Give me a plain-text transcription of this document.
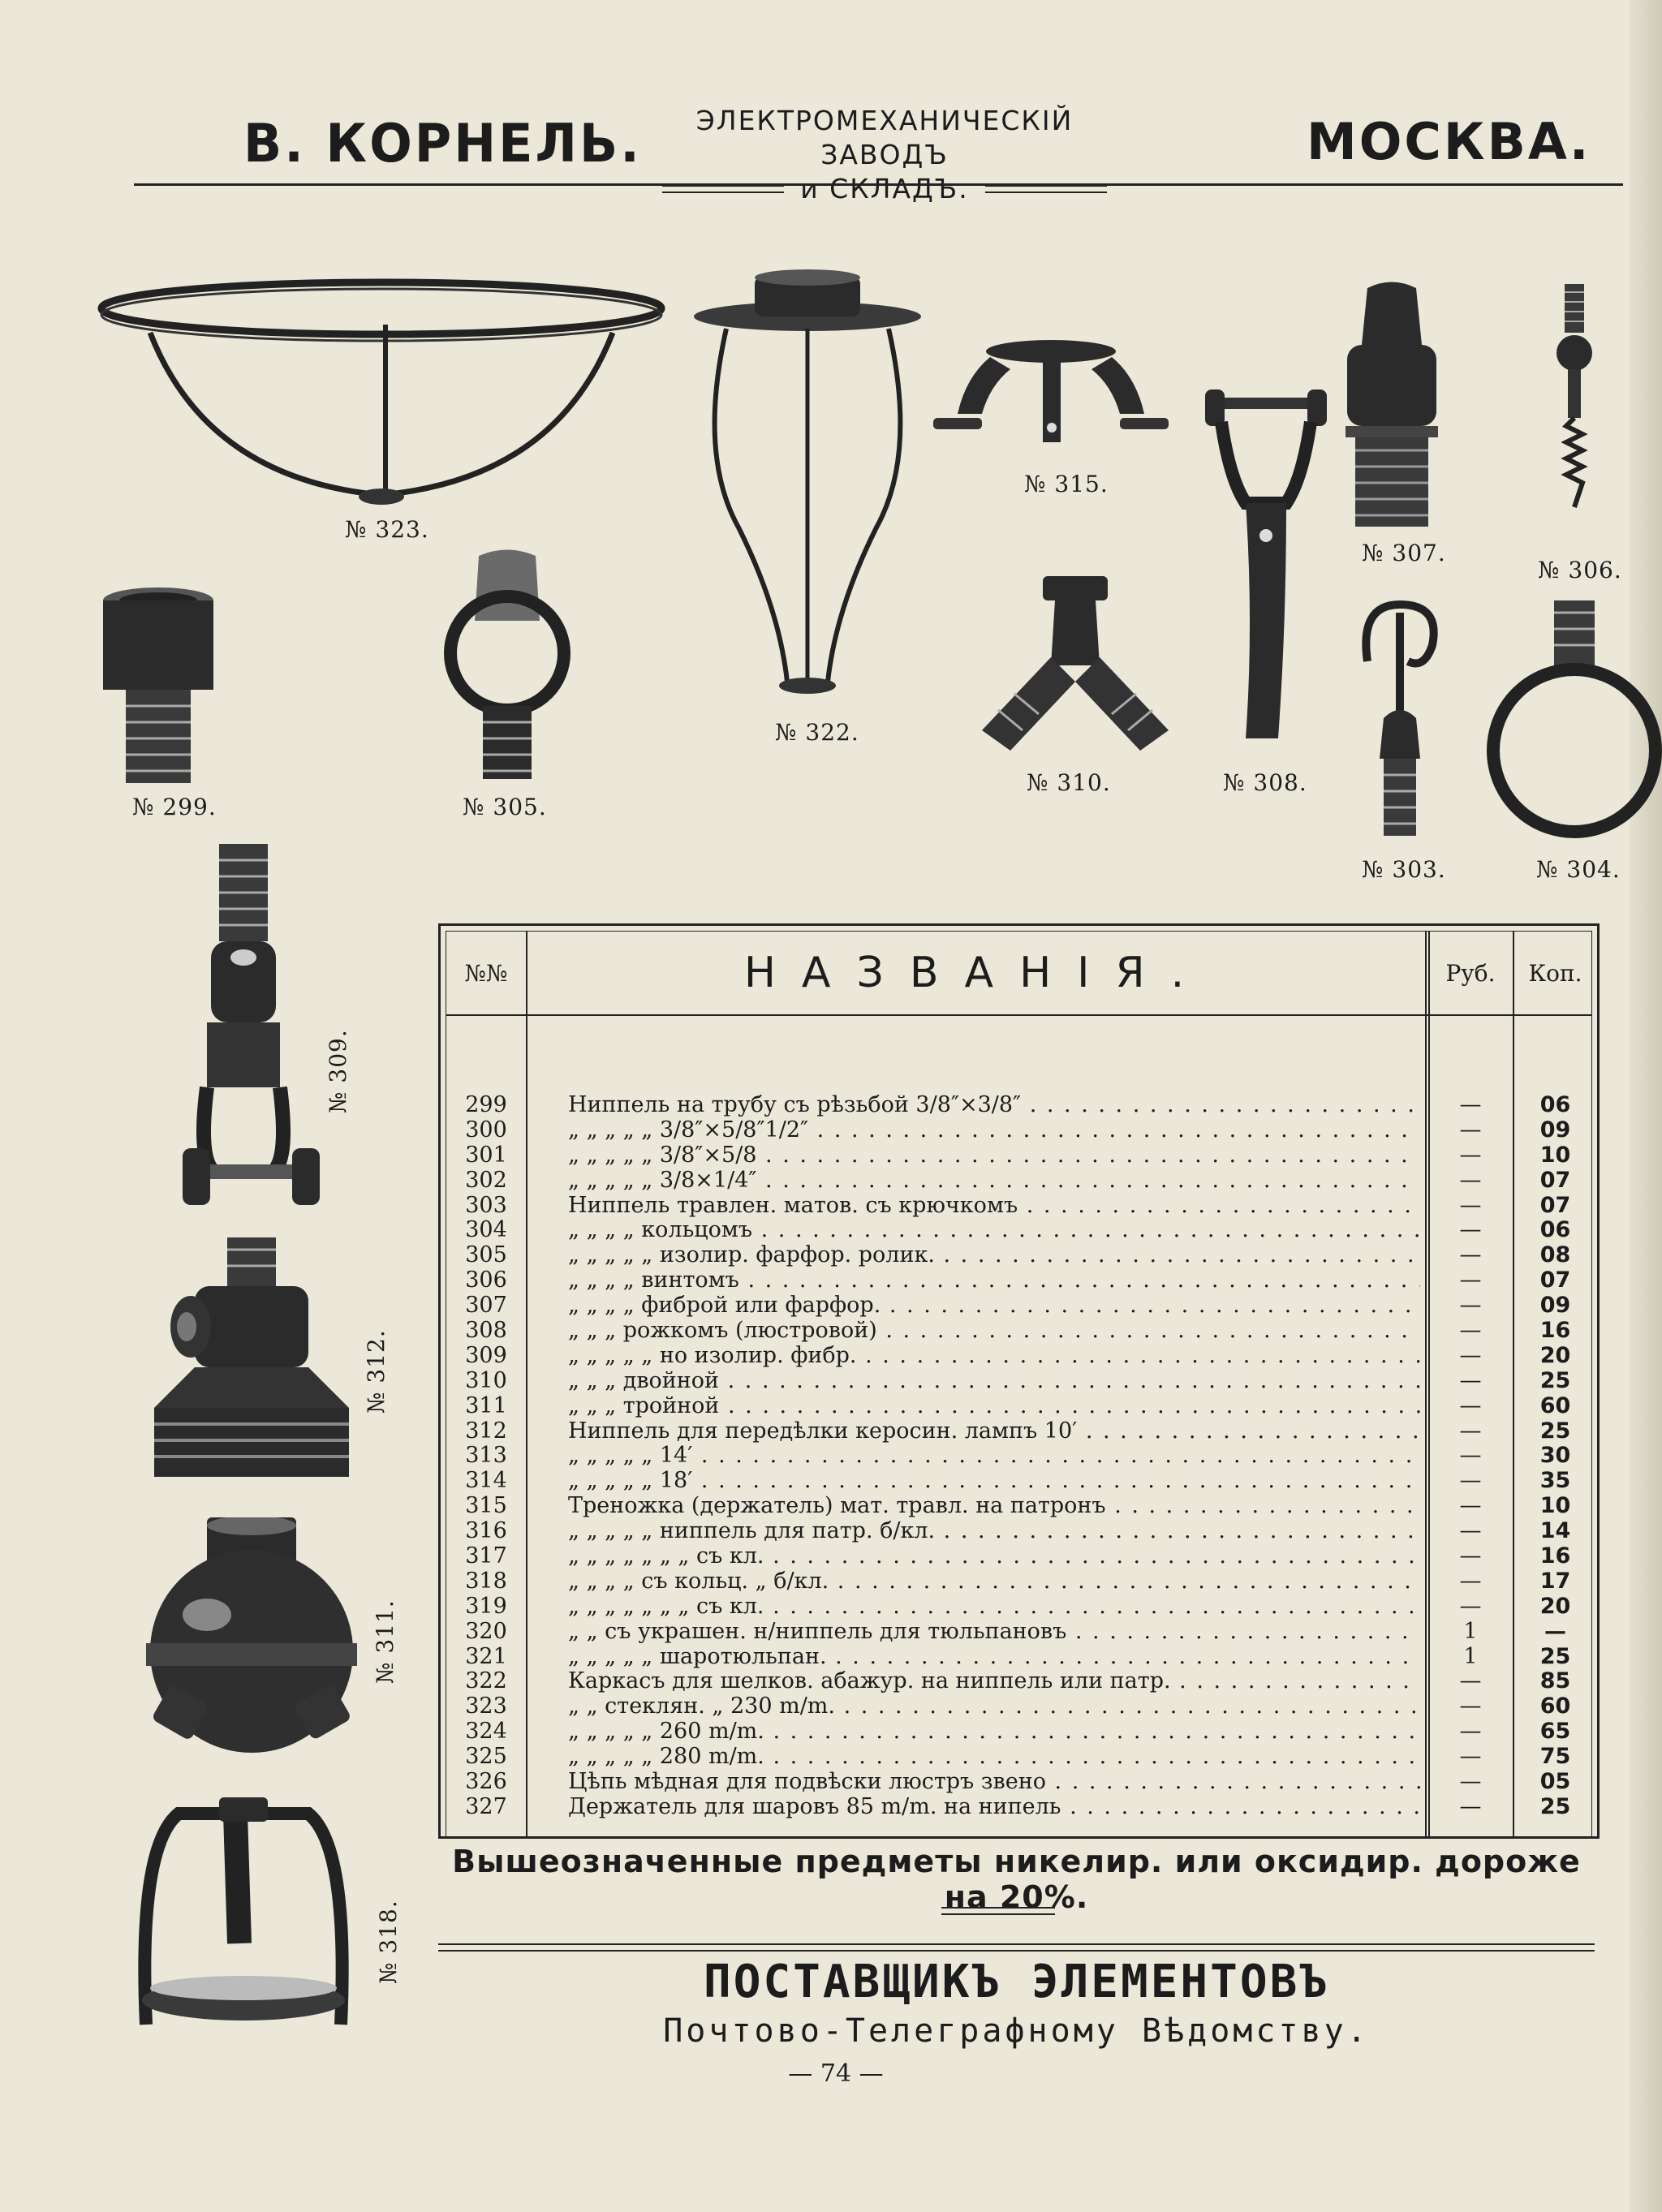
В. КОРНЕЛЬ.	ЭЛЕКТРОМЕХАНИЧЕСКIЙ ЗАВОДЪ
и СКЛАДЪ.
МОСКВА.
№ 323.
№ 322.
№ 315.
№ 307.
№ 306.
№ 299.	№ 305.
№ 310.	№ 308.
№ 303.	№ 304.
№ 309.
№ 312.
№ 311.
№ 318.
№№	НАЗВАНIЯ.	Руб.	Коп.
299	Ниппель на трубу съ рѣзьбой 3/8″×3/8″ . . .	—	06
300	„ „ „ „ „ 3/8″×5/8″1/2″ . . .	—	09
301	„ „ „ „ „ 3/8″×5/8 . . .	—	10
302	„ „ „ „ „ 3/8×1/4″ . . .	—	07
303	Ниппель травлен. матов. съ крючкомъ . . .	—	07
304	„ „ „ „ кольцомъ . . .	—	06
305	„ „ „ „ „ изолир. фарфор. ролик. . . .	—	08
306	„ „ „ „ винтомъ . . .	—	07
307	„ „ „ „ фиброй или фарфор. . . .	—	09
308	„ „ „ рожкомъ (люстровой) . . .	—	16
309	„ „ „ „ „ но изолир. фибр. . . .	—	20
310	„ „ „ двойной . . .	—	25
311	„ „ „ тройной . . .	—	60
312	Ниппель для передѣлки керосин. лампъ 10′ . . .	—	25
313	„ „ „ „ „ 14′ . . .	—	30
314	„ „ „ „ „ 18′ . . .	—	35
315	Треножка (держатель) мат. травл. на патронъ . . .	—	10
316	„ „ „ „ „ ниппель для патр. б/кл. . . .	—	14
317	„ „ „ „ „ „ „ съ кл. . . .	—	16
318	„ „ „ „ съ кольц. „ б/кл. . . .	—	17
319	„ „ „ „ „ „ „ съ кл. . . .	—	20
320	„ „ съ украшен. н/ниппель для тюльпановъ . . .	1	—
321	„ „ „ „ „ шаротюльпан. . . .	1	25
322	Каркасъ для шелков. абажур. на ниппель или патр. . . .	—	85
323	„ „ стеклян. „ 230 m/m. . . .	—	60
324	„ „ „ „ „ 260 m/m. . . .	—	65
325	„ „ „ „ „ 280 m/m. . . .	—	75
326	Цѣпь мѣдная для подвѣски люстръ звено . . .	—	05
327	Держатель для шаровъ 85 m/m. на нипель . . .	—	25
Вышеозначенные предметы никелир. или оксидир. дороже на 20%.
ПОСТАВЩИКЪ ЭЛЕМЕНТОВЪ
Почтово-Телеграфному Вѣдомству.
— 74 —
